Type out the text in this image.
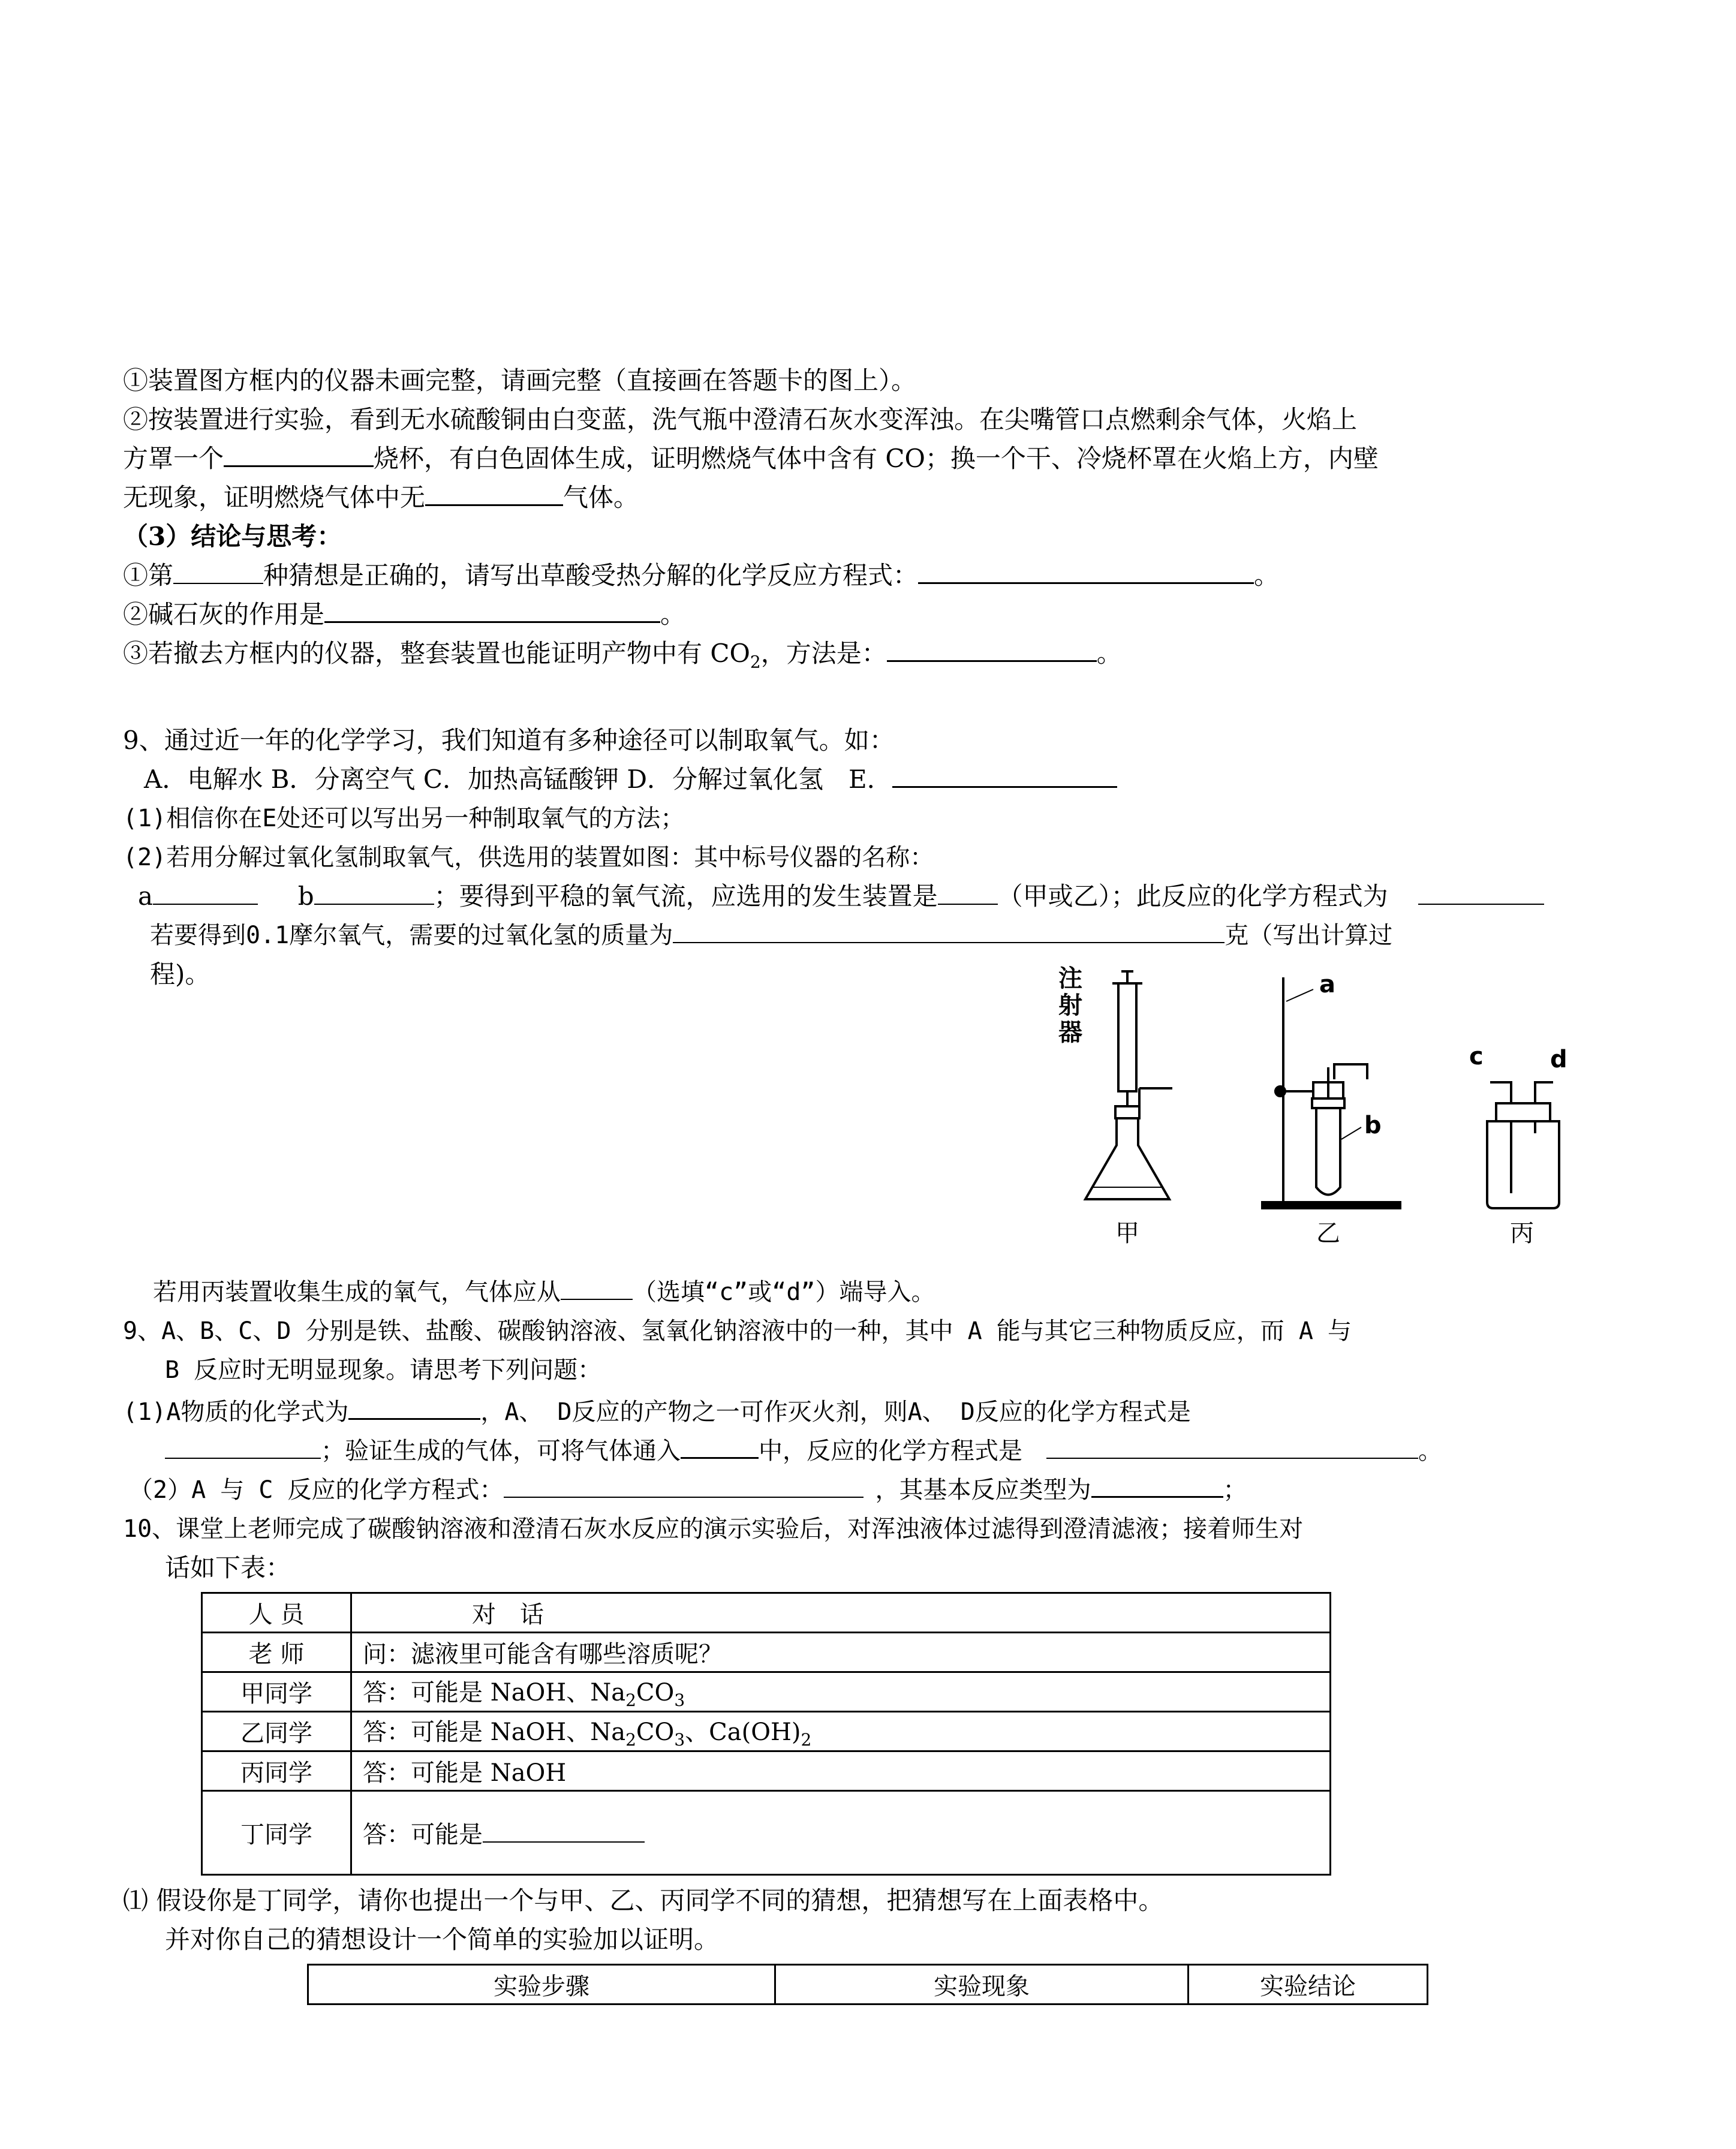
①装置图方框内的仪器未画完整，请画完整（直接画在答题卡的图上）。
②按装置进行实验，看到无水硫酸铜由白变蓝，洗气瓶中澄清石灰水变浑浊。在尖嘴管口点燃剩余气体，火焰上
方罩一个	烧杯，有白色固体生成，证明燃烧气体中含有 CO；换一个干、冷烧杯罩在火焰上方，内壁
无现象，证明燃烧气体中无	气体。
（3）结论与思考：
①第	种猜想是正确的，请写出草酸受热分解的化学反应方程式：	。
②碱石灰的作用是	。
③若撤去方框内的仪器，整套装置也能证明产物中有 $CO_2$，方法是：	。
9、通过近一年的化学学习，我们知道有多种途径可以制取氧气。如：
A．电解水 B．分离空气 C．加热高锰酸钾 D．分解过氧化氢　E．
(1)相信你在E处还可以写出另一种制取氧气的方法；
(2)若用分解过氧化氢制取氧气，供选用的装置如图：其中标号仪器的名称：
a	b	；要得到平稳的氧气流，应选用的发生装置是 （甲或乙）；此反应的化学方程式为
若要得到0.1摩尔氧气，需要的过氧化氢的质量为	克（写出计算过
程)。	注
射
器
a
b
c	d
甲	乙	丙
若用丙装置收集生成的氧气，气体应从	（选填“c”或“d”）端导入。
9、A、B、C、D 分别是铁、盐酸、碳酸钠溶液、氢氧化钠溶液中的一种，其中 A 能与其它三种物质反应，而 A 与
B 反应时无明显现象。请思考下列问题：
(1)A物质的化学式为	，A、 D反应的产物之一可作灭火剂，则A、 D反应的化学方程式是
；验证生成的气体，可将气体通入	中，反应的化学方程式是	。
（2）A 与 C 反应的化学方程式：	，其基本反应类型为	；
10、课堂上老师完成了碳酸钠溶液和澄清石灰水反应的演示实验后，对浑浊液体过滤得到澄清滤液；接着师生对
话如下表：
人 员	对　话
老 师	问：滤液里可能含有哪些溶质呢？
甲同学	答：可能是 NaOH、$Na_2CO_3$
乙同学	答：可能是 NaOH、$Na_2CO_3$、$Ca(OH)_2$
丙同学	答：可能是 NaOH
丁同学	答：可能是
⑴ 假设你是丁同学，请你也提出一个与甲、乙、丙同学不同的猜想，把猜想写在上面表格中。
并对你自己的猜想设计一个简单的实验加以证明。
实验步骤	实验现象	实验结论
